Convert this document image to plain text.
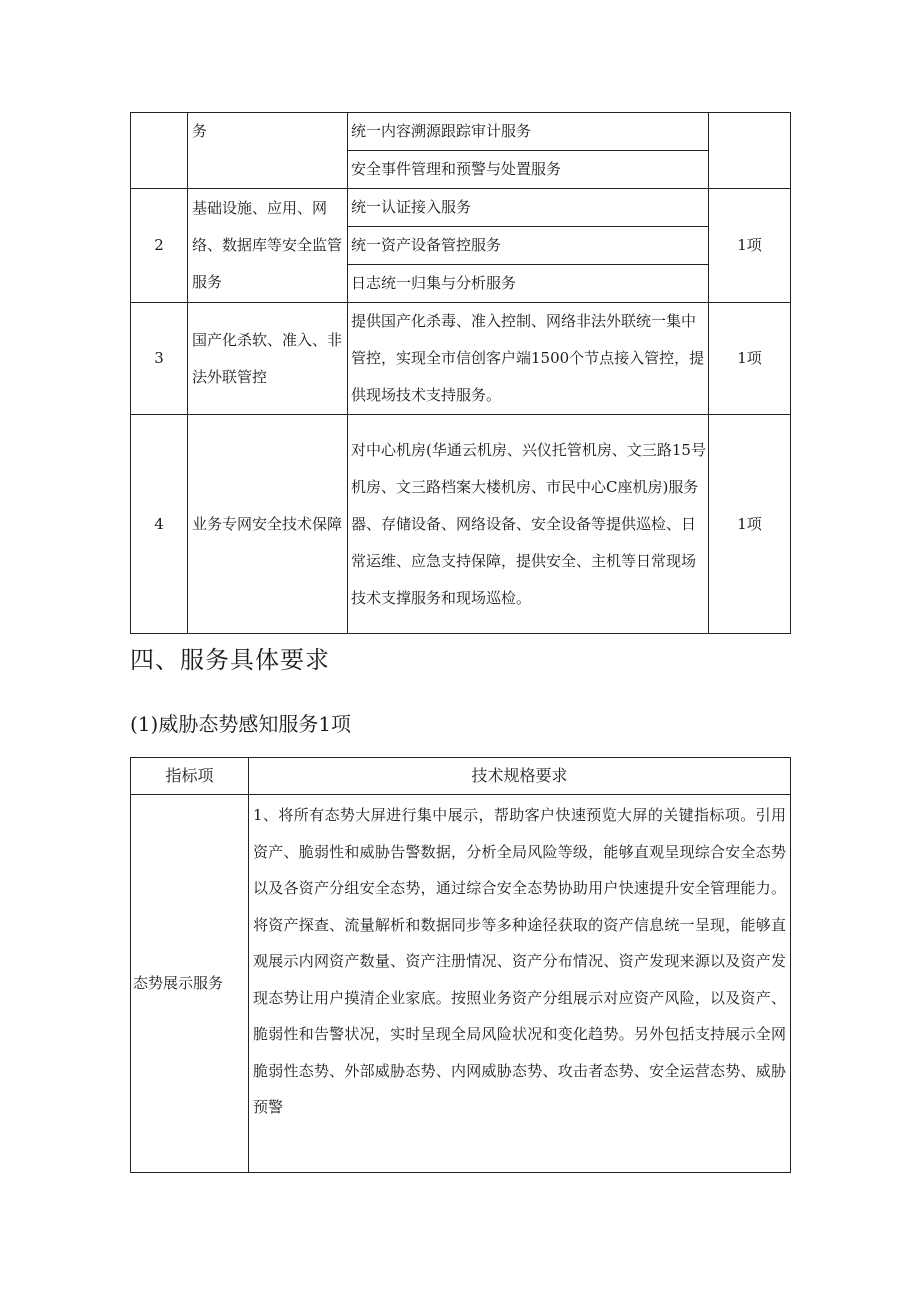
	务	统一内容溯源跟踪审计服务
安全事件管理和预警与处置服务	

2	基础设施、应用、网络、数据库等安全监管服务	统一认证接入服务
统一资产设备管控服务
日志统一归集与分析服务	1项
3	国产化杀软、准入、非法外联管控	提供国产化杀毒、准入控制、网络非法外联统一集中管控，实现全市信创客户端1500个节点接入管控，提供现场技术支持服务。	1项
4	业务专网安全技术保障	对中心机房(华通云机房、兴仪托管机房、文三路15号机房、文三路档案大楼机房、市民中心C座机房)服务器、存储设备、网络设备、安全设备等提供巡检、日常运维、应急支持保障，提供安全、主机等日常现场技术支撑服务和现场巡检。	1项
四、服务具体要求
(1)威胁态势感知服务1项
指标项	技术规格要求
态势展示服务	1、将所有态势大屏进行集中展示，帮助客户快速预览大屏的关键指标项。引用资产、脆弱性和威胁告警数据，分析全局风险等级，能够直观呈现综合安全态势以及各资产分组安全态势，通过综合安全态势协助用户快速提升安全管理能力。将资产探查、流量解析和数据同步等多种途径获取的资产信息统一呈现，能够直观展示内网资产数量、资产注册情况、资产分布情况、资产发现来源以及资产发现态势让用户摸清企业家底。按照业务资产分组展示对应资产风险，以及资产、脆弱性和告警状况，实时呈现全局风险状况和变化趋势。另外包括支持展示全网脆弱性态势、外部威胁态势、内网威胁态势、攻击者态势、安全运营态势、威胁预警
